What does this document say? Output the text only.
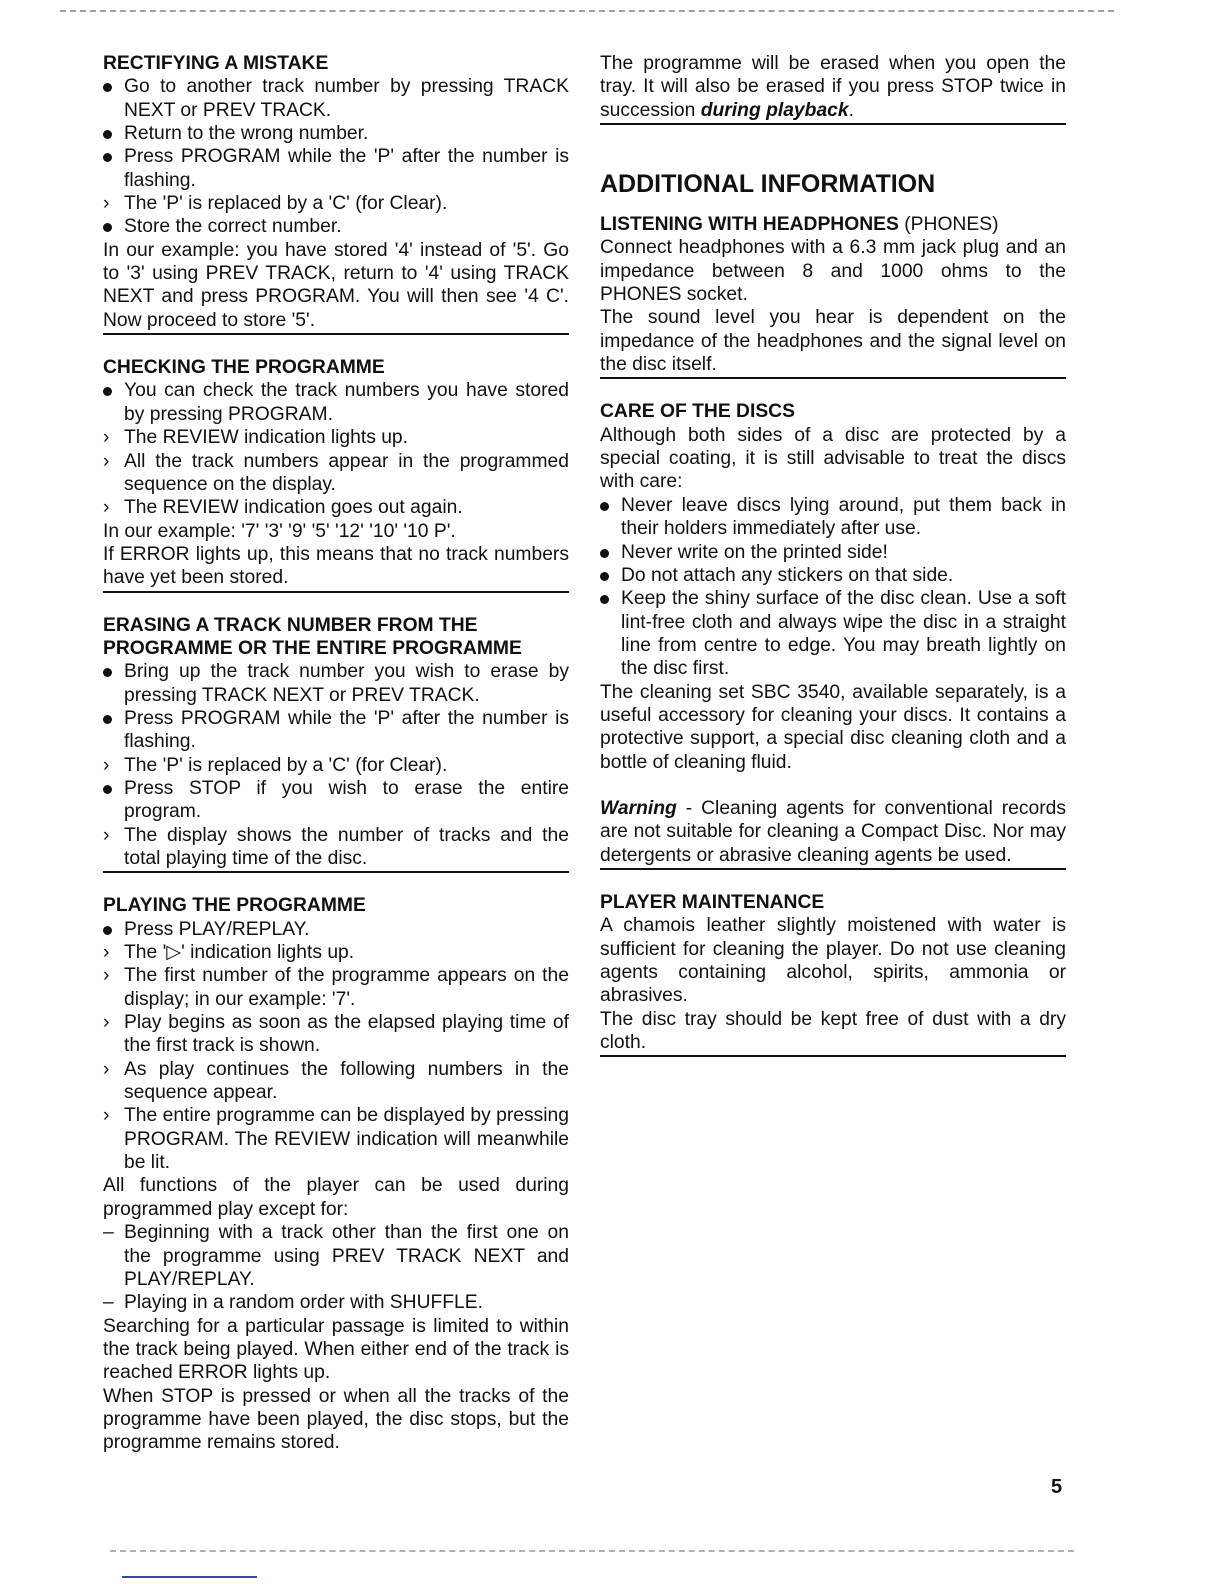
RECTIFYING A MISTAKE

Go to another track number by pressing TRACK NEXT or PREV TRACK.
Return to the wrong number.
Press PROGRAM while the 'P' after the number is flashing.
› The 'P' is replaced by a 'C' (for Clear).
Store the correct number.

In our example: you have stored '4' instead of '5'. Go to '3' using PREV TRACK, return to '4' using TRACK NEXT and press PROGRAM. You will then see '4 C'. Now proceed to store '5'.

CHECKING THE PROGRAMME

You can check the track numbers you have stored by pressing PROGRAM.
› The REVIEW indication lights up.
› All the track numbers appear in the programmed sequence on the display.
› The REVIEW indication goes out again.

In our example: '7' '3' '9' '5' '12' '10' '10 P'.

If ERROR lights up, this means that no track numbers have yet been stored.

ERASING A TRACK NUMBER FROM THE PROGRAMME OR THE ENTIRE PROGRAMME

Bring up the track number you wish to erase by pressing TRACK NEXT or PREV TRACK.
Press PROGRAM while the 'P' after the number is flashing.
› The 'P' is replaced by a 'C' (for Clear).
Press STOP if you wish to erase the entire program.
› The display shows the number of tracks and the total playing time of the disc.

PLAYING THE PROGRAMME

Press PLAY/REPLAY.
› The '▷' indication lights up.
› The first number of the programme appears on the display; in our example: '7'.
› Play begins as soon as the elapsed playing time of the first track is shown.
› As play continues the following numbers in the sequence appear.
› The entire programme can be displayed by pressing PROGRAM. The REVIEW indication will meanwhile be lit.

All functions of the player can be used during programmed play except for:

– Beginning with a track other than the first one on the programme using PREV TRACK NEXT and PLAY/REPLAY.
– Playing in a random order with SHUFFLE.

Searching for a particular passage is limited to within the track being played. When either end of the track is reached ERROR lights up.

When STOP is pressed or when all the tracks of the programme have been played, the disc stops, but the programme remains stored.

The programme will be erased when you open the tray. It will also be erased if you press STOP twice in succession during playback.

ADDITIONAL INFORMATION

LISTENING WITH HEADPHONES (PHONES)

Connect headphones with a 6.3 mm jack plug and an impedance between 8 and 1000 ohms to the PHONES socket.

The sound level you hear is dependent on the impedance of the headphones and the signal level on the disc itself.

CARE OF THE DISCS

Although both sides of a disc are protected by a special coating, it is still advisable to treat the discs with care:

Never leave discs lying around, put them back in their holders immediately after use.
Never write on the printed side!
Do not attach any stickers on that side.
Keep the shiny surface of the disc clean. Use a soft lint-free cloth and always wipe the disc in a straight line from centre to edge. You may breath lightly on the disc first.

The cleaning set SBC 3540, available separately, is a useful accessory for cleaning your discs. It contains a protective support, a special disc cleaning cloth and a bottle of cleaning fluid.

Warning - Cleaning agents for conventional records are not suitable for cleaning a Compact Disc. Nor may detergents or abrasive cleaning agents be used.

PLAYER MAINTENANCE

A chamois leather slightly moistened with water is sufficient for cleaning the player. Do not use cleaning agents containing alcohol, spirits, ammonia or abrasives.

The disc tray should be kept free of dust with a dry cloth.

5
